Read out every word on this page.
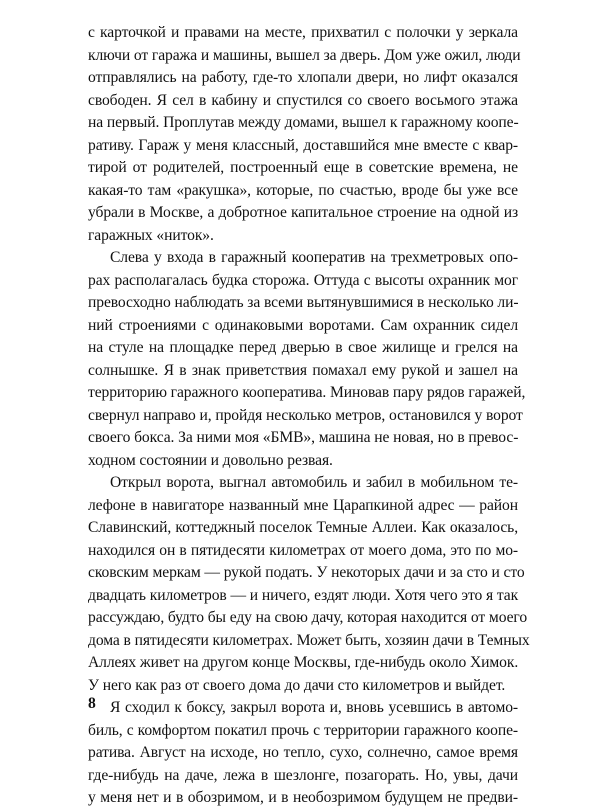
с карточкой и правами на месте, прихватил с полочки у зеркала
ключи от гаража и машины, вышел за дверь. Дом уже ожил, люди
отправлялись на работу, где-то хлопали двери, но лифт оказался
свободен. Я сел в кабину и спустился со своего восьмого этажа
на первый. Проплутав между домами, вышел к гаражному коопе-
ративу. Гараж у меня классный, доставшийся мне вместе с квар-
тирой от родителей, построенный еще в советские времена, не
какая-то там «ракушка», которые, по счастью, вроде бы уже все
убрали в Москве, а добротное капитальное строение на одной из
гаражных «ниток».
Слева у входа в гаражный кооператив на трехметровых опо-
рах располагалась будка сторожа. Оттуда с высоты охранник мог
превосходно наблюдать за всеми вытянувшимися в несколько ли-
ний строениями с одинаковыми воротами. Сам охранник сидел
на стуле на площадке перед дверью в свое жилище и грелся на
солнышке. Я в знак приветствия помахал ему рукой и зашел на
территорию гаражного кооператива. Миновав пару рядов гаражей,
свернул направо и, пройдя несколько метров, остановился у ворот
своего бокса. За ними моя «БМВ», машина не новая, но в превос-
ходном состоянии и довольно резвая.
Открыл ворота, выгнал автомобиль и забил в мобильном те-
лефоне в навигаторе названный мне Царапкиной адрес — район
Славинский, коттеджный поселок Темные Аллеи. Как оказалось,
находился он в пятидесяти километрах от моего дома, это по мо-
сковским меркам — рукой подать. У некоторых дачи и за сто и сто
двадцать километров — и ничего, ездят люди. Хотя чего это я так
рассуждаю, будто бы еду на свою дачу, которая находится от моего
дома в пятидесяти километрах. Может быть, хозяин дачи в Темных
Аллеях живет на другом конце Москвы, где-нибудь около Химок.
У него как раз от своего дома до дачи сто километров и выйдет.
Я сходил к боксу, закрыл ворота и, вновь усевшись в автомо-
биль, с комфортом покатил прочь с территории гаражного коопе-
ратива. Август на исходе, но тепло, сухо, солнечно, самое время
где-нибудь на даче, лежа в шезлонге, позагорать. Но, увы, дачи
у меня нет и в обозримом, и в необозримом будущем не предви-
8
